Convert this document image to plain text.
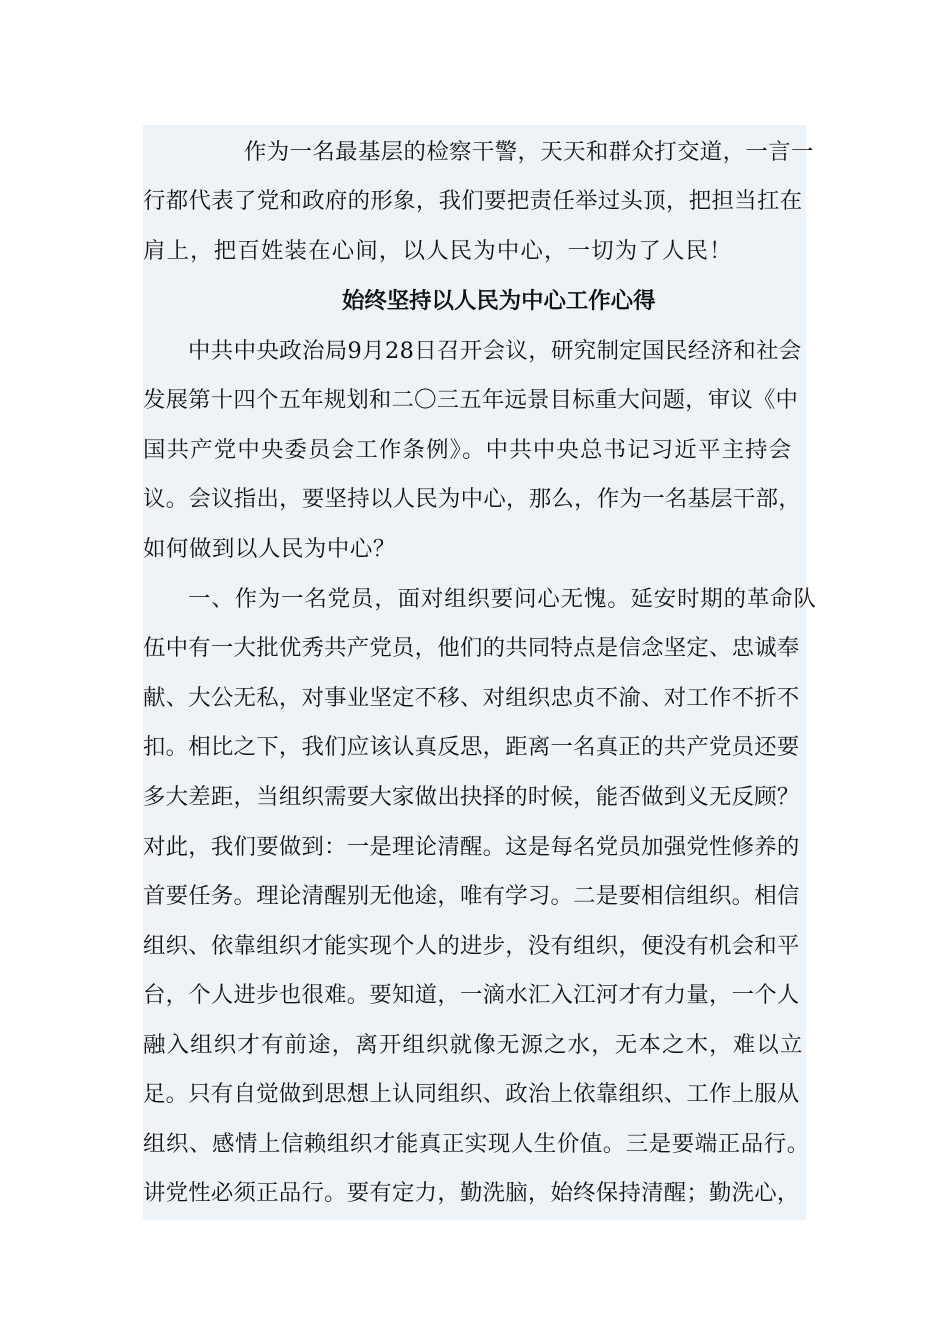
作为一名最基层的检察干警，天天和群众打交道，一言一
行都代表了党和政府的形象，我们要把责任举过头顶，把担当扛在
肩上，把百姓装在心间，以人民为中心，一切为了人民！
始终坚持以人民为中心工作心得
中共中央政治局9月28日召开会议，研究制定国民经济和社会
发展第十四个五年规划和二〇三五年远景目标重大问题，审议《中
国共产党中央委员会工作条例》。中共中央总书记习近平主持会
议。会议指出，要坚持以人民为中心，那么，作为一名基层干部，
如何做到以人民为中心？
一、作为一名党员，面对组织要问心无愧。延安时期的革命队
伍中有一大批优秀共产党员，他们的共同特点是信念坚定、忠诚奉
献、大公无私，对事业坚定不移、对组织忠贞不渝、对工作不折不
扣。相比之下，我们应该认真反思，距离一名真正的共产党员还要
多大差距，当组织需要大家做出抉择的时候，能否做到义无反顾？
对此，我们要做到：一是理论清醒。这是每名党员加强党性修养的
首要任务。理论清醒别无他途，唯有学习。二是要相信组织。相信
组织、依靠组织才能实现个人的进步，没有组织，便没有机会和平
台，个人进步也很难。要知道，一滴水汇入江河才有力量，一个人
融入组织才有前途，离开组织就像无源之水，无本之木，难以立
足。只有自觉做到思想上认同组织、政治上依靠组织、工作上服从
组织、感情上信赖组织才能真正实现人生价值。三是要端正品行。
讲党性必须正品行。要有定力，勤洗脑，始终保持清醒；勤洗心，
